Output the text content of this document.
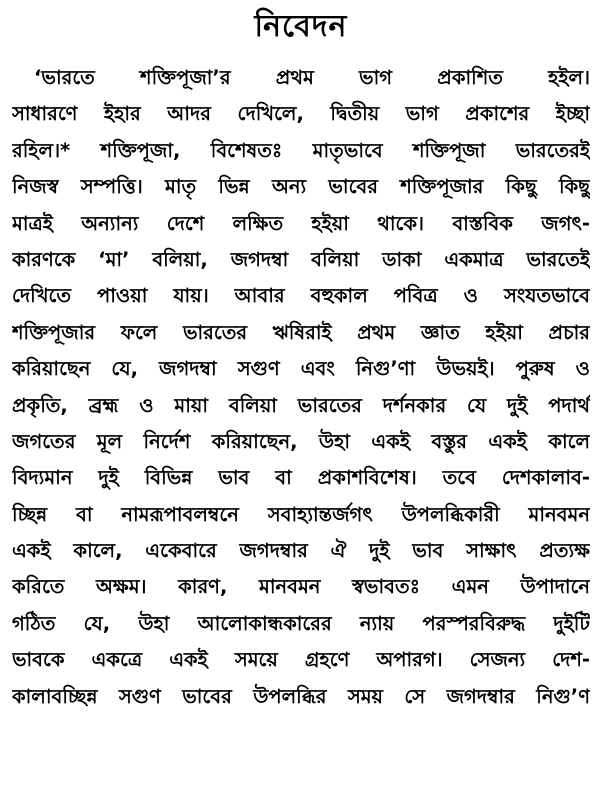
নিবেদন
‘ভারতে শক্তিপূজা’র প্রথম ভাগ প্রকাশিত হইল।
সাধারণে ইহার আদর দেখিলে, দ্বিতীয় ভাগ প্রকাশের ইচ্ছা
রহিল।* শক্তিপূজা, বিশেষতঃ মাতৃভাবে শক্তিপূজা ভারতেরই
নিজস্ব সম্পত্তি। মাতৃ ভিন্ন অন্য ভাবের শক্তিপূজার কিছু কিছু
মাত্রই অন্যান্য দেশে লক্ষিত হইয়া থাকে। বাস্তবিক জগৎ-
কারণকে ‘মা’ বলিয়া, জগদম্বা বলিয়া ডাকা একমাত্র ভারতেই
দেখিতে পাওয়া যায়। আবার বহুকাল পবিত্র ও সংযতভাবে
শক্তিপূজার ফলে ভারতের ঋষিরাই প্রথম জ্ঞাত হইয়া প্রচার
করিয়াছেন যে, জগদম্বা সগুণ এবং নিগু’ণা উভয়ই। পুরুষ ও
প্রকৃতি, ব্রহ্ম ও মায়া বলিয়া ভারতের দর্শনকার যে দুই পদার্থ
জগতের মূল নির্দেশ করিয়াছেন, উহা একই বস্তুর একই কালে
বিদ্যমান দুই বিভিন্ন ভাব বা প্রকাশবিশেষ। তবে দেশকালাব-
চ্ছিন্ন বা নামরূপাবলম্বনে সবাহ্যান্তর্জগৎ উপলব্ধিকারী মানবমন
একই কালে, একেবারে জগদম্বার ঐ দুই ভাব সাক্ষাৎ প্রত্যক্ষ
করিতে অক্ষম। কারণ, মানবমন স্বভাবতঃ এমন উপাদানে
গঠিত যে, উহা আলোকান্ধকারের ন্যায় পরস্পরবিরুদ্ধ দুইটি
ভাবকে একত্রে একই সময়ে গ্রহণে অপারগ। সেজন্য দেশ-
কালাবচ্ছিন্ন সগুণ ভাবের উপলব্ধির সময় সে জগদম্বার নিগু’ণ
